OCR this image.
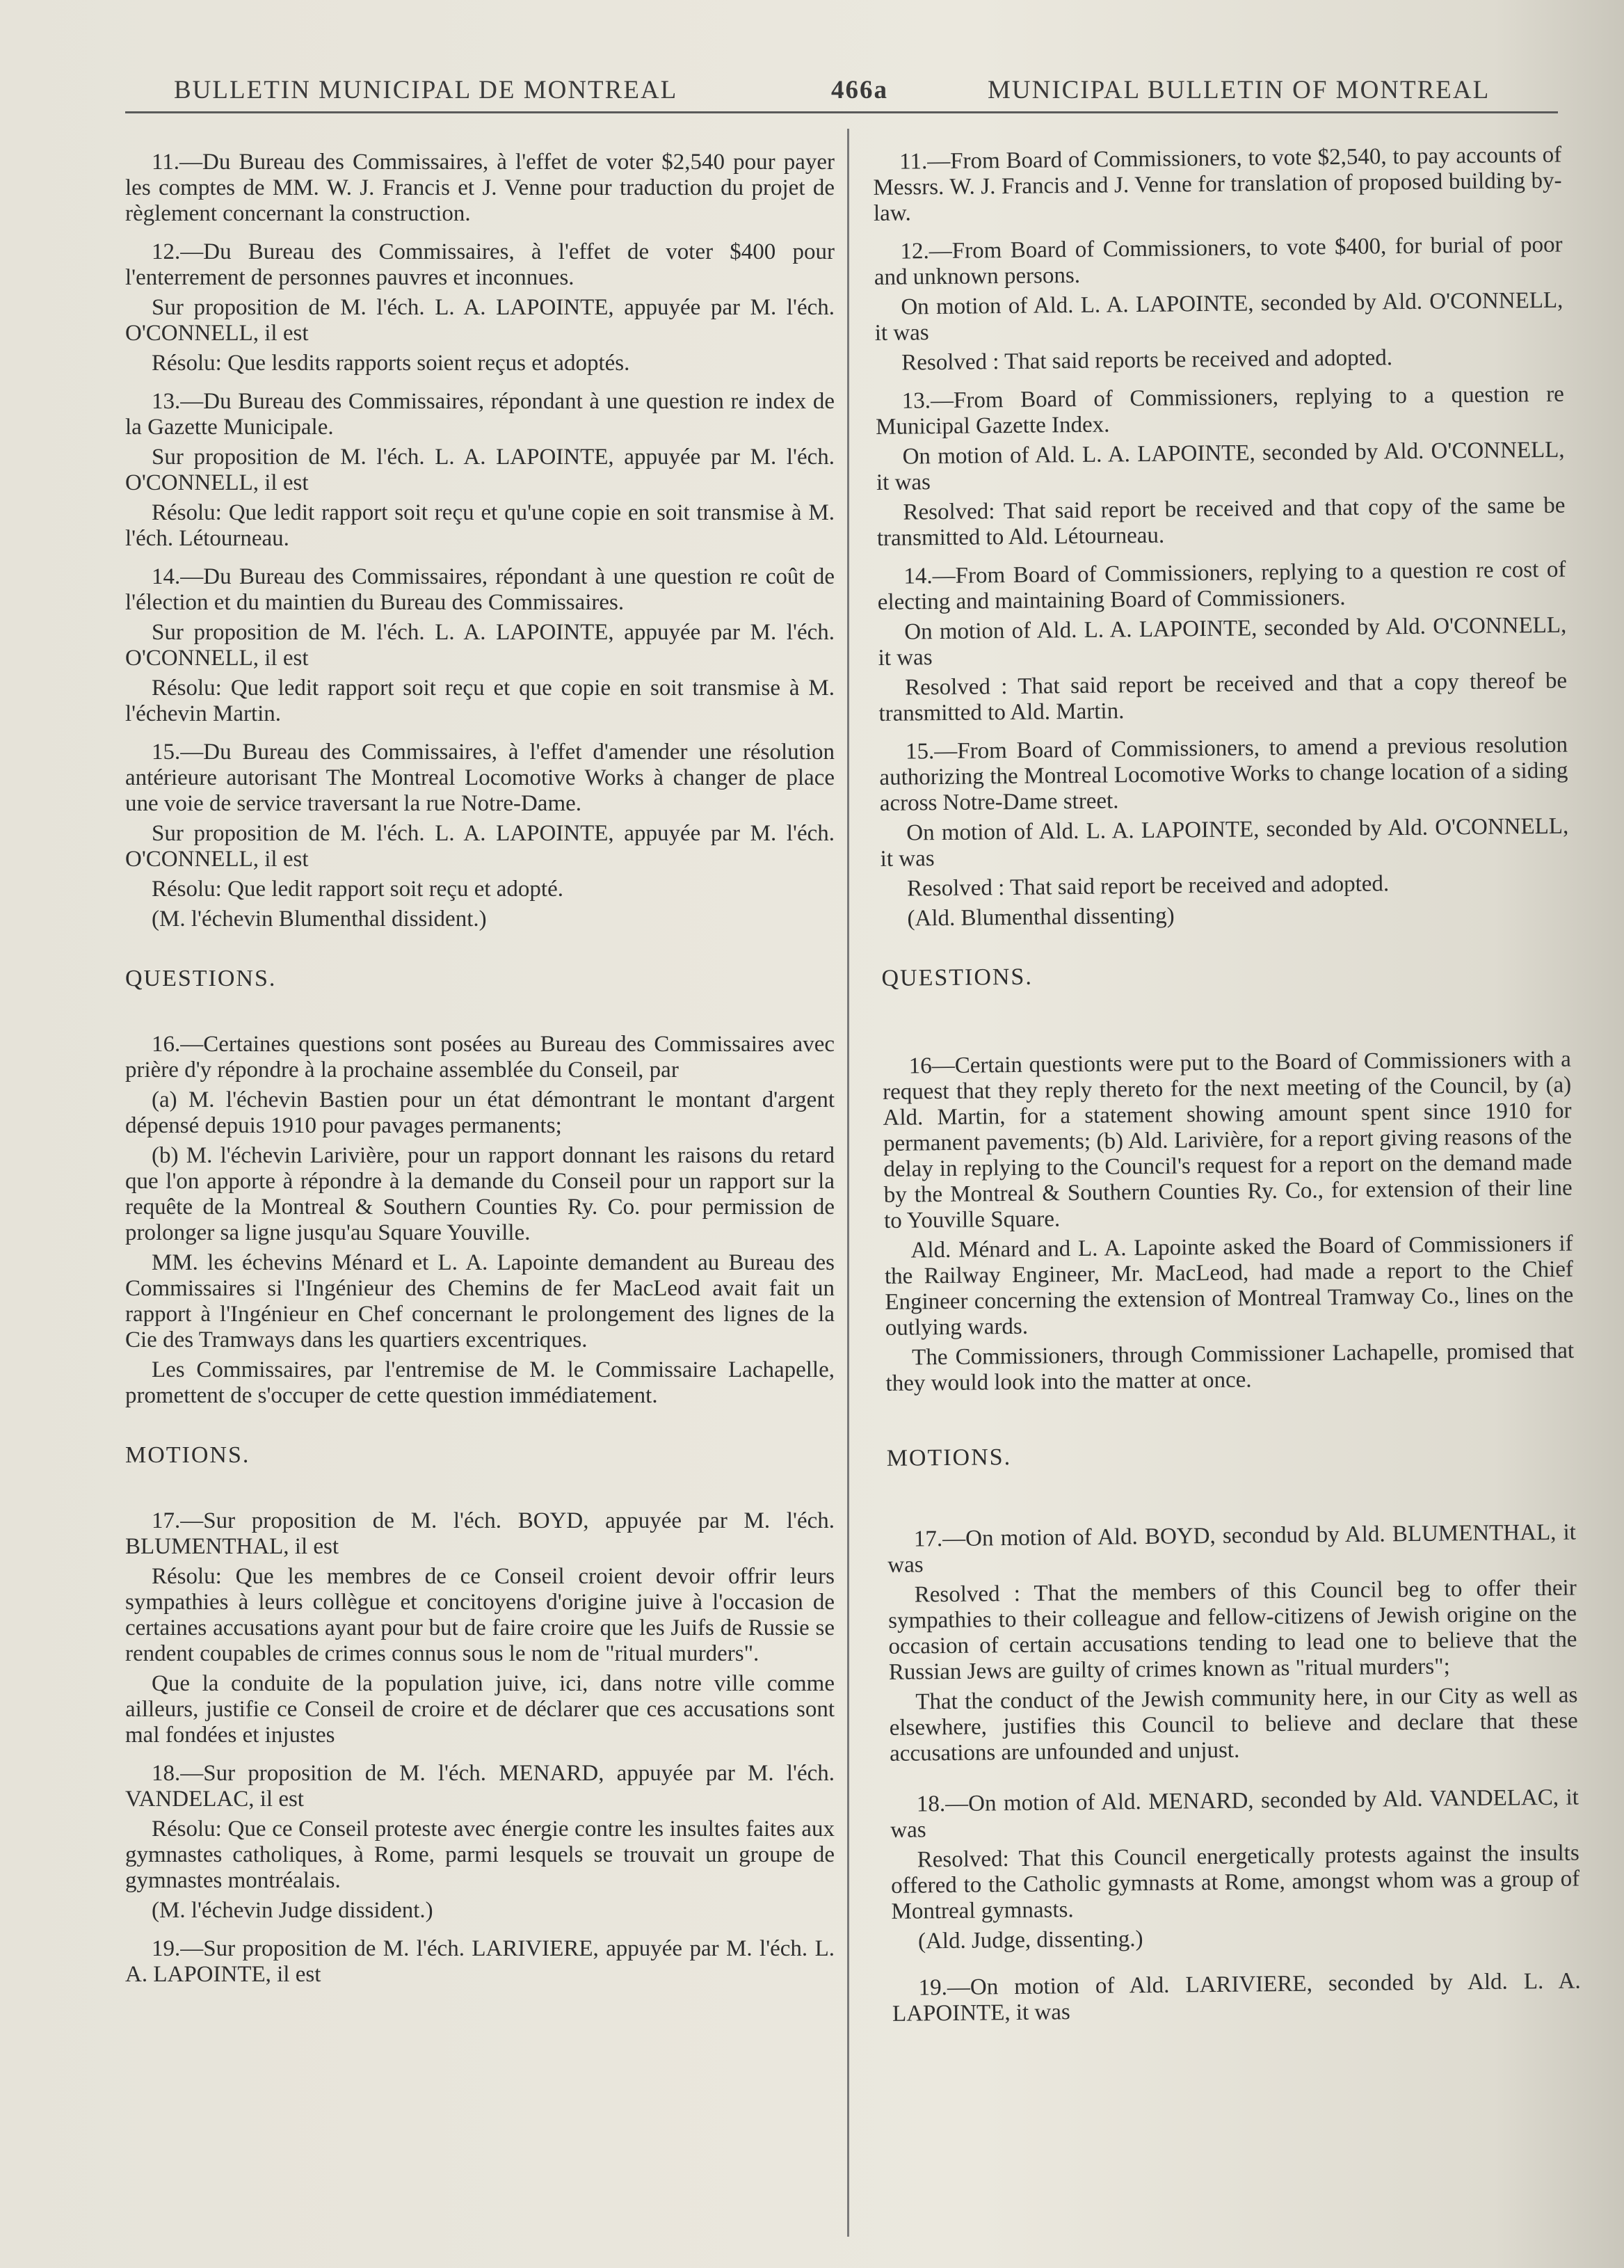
BULLETIN MUNICIPAL DE MONTREAL	466a	MUNICIPAL BULLETIN OF MONTREAL

11.—Du Bureau des Commissaires, à l'effet de voter $2,540 pour payer les comptes de MM. W. J. Francis et J. Venne pour traduction du projet de règlement concernant la construction.

12.—Du Bureau des Commissaires, à l'effet de voter $400 pour l'enterrement de personnes pauvres et inconnues.

Sur proposition de M. l'éch. L. A. LAPOINTE, appuyée par M. l'éch. O'CONNELL, il est

Résolu: Que lesdits rapports soient reçus et adoptés.

13.—Du Bureau des Commissaires, répondant à une question re index de la Gazette Municipale.

Sur proposition de M. l'éch. L. A. LAPOINTE, appuyée par M. l'éch. O'CONNELL, il est

Résolu: Que ledit rapport soit reçu et qu'une copie en soit transmise à M. l'éch. Létourneau.

14.—Du Bureau des Commissaires, répondant à une question re coût de l'élection et du maintien du Bureau des Commissaires.

Sur proposition de M. l'éch. L. A. LAPOINTE, appuyée par M. l'éch. O'CONNELL, il est

Résolu: Que ledit rapport soit reçu et que copie en soit transmise à M. l'échevin Martin.

15.—Du Bureau des Commissaires, à l'effet d'amender une résolution antérieure autorisant The Montreal Locomotive Works à changer de place une voie de service traversant la rue Notre-Dame.

Sur proposition de M. l'éch. L. A. LAPOINTE, appuyée par M. l'éch. O'CONNELL, il est

Résolu: Que ledit rapport soit reçu et adopté.

(M. l'échevin Blumenthal dissident.)

QUESTIONS.

16.—Certaines questions sont posées au Bureau des Commissaires avec prière d'y répondre à la prochaine assemblée du Conseil, par

(a) M. l'échevin Bastien pour un état démontrant le montant d'argent dépensé depuis 1910 pour pavages permanents;

(b) M. l'échevin Larivière, pour un rapport donnant les raisons du retard que l'on apporte à répondre à la demande du Conseil pour un rapport sur la requête de la Montreal & Southern Counties Ry. Co. pour permission de prolonger sa ligne jusqu'au Square Youville.

MM. les échevins Ménard et L. A. Lapointe demandent au Bureau des Commissaires si l'Ingénieur des Chemins de fer MacLeod avait fait un rapport à l'Ingénieur en Chef concernant le prolongement des lignes de la Cie des Tramways dans les quartiers excentriques.

Les Commissaires, par l'entremise de M. le Commissaire Lachapelle, promettent de s'occuper de cette question immédiatement.

MOTIONS.

17.—Sur proposition de M. l'éch. BOYD, appuyée par M. l'éch. BLUMENTHAL, il est

Résolu: Que les membres de ce Conseil croient devoir offrir leurs sympathies à leurs collègue et concitoyens d'origine juive à l'occasion de certaines accusations ayant pour but de faire croire que les Juifs de Russie se rendent coupables de crimes connus sous le nom de "ritual murders".

Que la conduite de la population juive, ici, dans notre ville comme ailleurs, justifie ce Conseil de croire et de déclarer que ces accusations sont mal fondées et injustes

18.—Sur proposition de M. l'éch. MENARD, appuyée par M. l'éch. VANDELAC, il est

Résolu: Que ce Conseil proteste avec énergie contre les insultes faites aux gymnastes catholiques, à Rome, parmi lesquels se trouvait un groupe de gymnastes montréalais.

(M. l'échevin Judge dissident.)

19.—Sur proposition de M. l'éch. LARIVIERE, appuyée par M. l'éch. L. A. LAPOINTE, il est

11.—From Board of Commissioners, to vote $2,540, to pay accounts of Messrs. W. J. Francis and J. Venne for translation of proposed building by-law.

12.—From Board of Commissioners, to vote $400, for burial of poor and unknown persons.

On motion of Ald. L. A. LAPOINTE, seconded by Ald. O'CONNELL, it was

Resolved : That said reports be received and adopted.

13.—From Board of Commissioners, replying to a question re Municipal Gazette Index.

On motion of Ald. L. A. LAPOINTE, seconded by Ald. O'CONNELL, it was

Resolved: That said report be received and that copy of the same be transmitted to Ald. Létourneau.

14.—From Board of Commissioners, replying to a question re cost of electing and maintaining Board of Commissioners.

On motion of Ald. L. A. LAPOINTE, seconded by Ald. O'CONNELL, it was

Resolved : That said report be received and that a copy thereof be transmitted to Ald. Martin.

15.—From Board of Commissioners, to amend a previous resolution authorizing the Montreal Locomotive Works to change location of a siding across Notre-Dame street.

On motion of Ald. L. A. LAPOINTE, seconded by Ald. O'CONNELL, it was

Resolved : That said report be received and adopted.

(Ald. Blumenthal dissenting)

QUESTIONS.

16—Certain questionts were put to the Board of Commissioners with a request that they reply thereto for the next meeting of the Council, by (a) Ald. Martin, for a statement showing amount spent since 1910 for permanent pavements; (b) Ald. Larivière, for a report giving reasons of the delay in replying to the Council's request for a report on the demand made by the Montreal & Southern Counties Ry. Co., for extension of their line to Youville Square.

Ald. Ménard and L. A. Lapointe asked the Board of Commissioners if the Railway Engineer, Mr. MacLeod, had made a report to the Chief Engineer concerning the extension of Montreal Tramway Co., lines on the outlying wards.

The Commissioners, through Commissioner Lachapelle, promised that they would look into the matter at once.

MOTIONS.

17.—On motion of Ald. BOYD, secondud by Ald. BLUMENTHAL, it was

Resolved : That the members of this Council beg to offer their sympathies to their colleague and fellow-citizens of Jewish origine on the occasion of certain accusations tending to lead one to believe that the Russian Jews are guilty of crimes known as "ritual murders";

That the conduct of the Jewish community here, in our City as well as elsewhere, justifies this Council to believe and declare that these accusations are unfounded and unjust.

18.—On motion of Ald. MENARD, seconded by Ald. VANDELAC, it was

Resolved: That this Council energetically protests against the insults offered to the Catholic gymnasts at Rome, amongst whom was a group of Montreal gymnasts.

(Ald. Judge, dissenting.)

19.—On motion of Ald. LARIVIERE, seconded by Ald. L. A. LAPOINTE, it was
